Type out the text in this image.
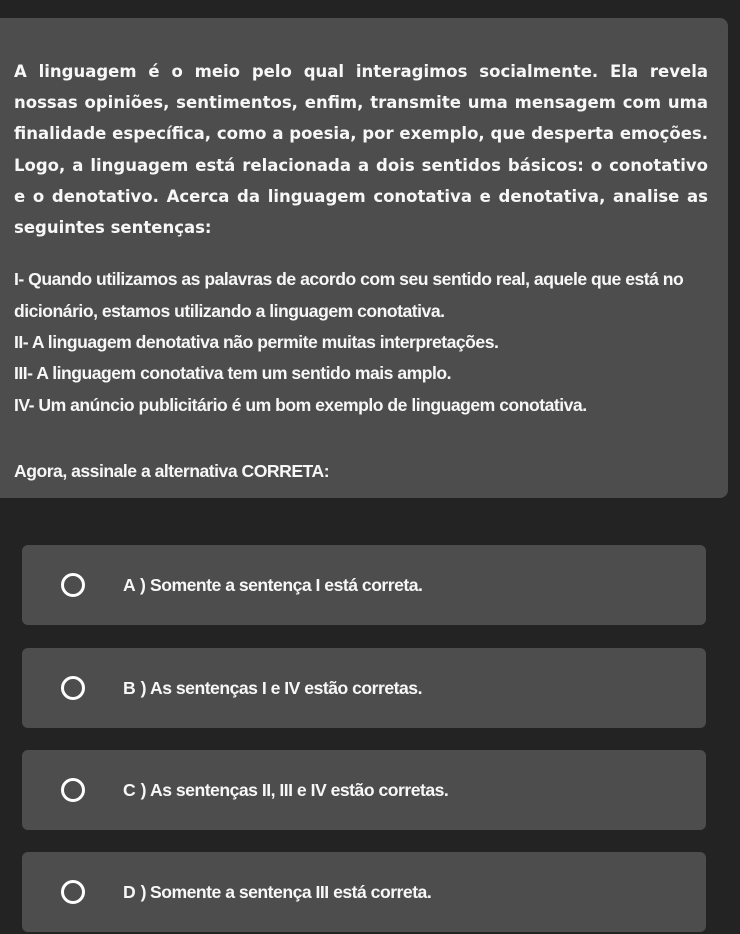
A linguagem é o meio pelo qual interagimos socialmente. Ela revela nossas opiniões, sentimentos, enfim, transmite uma mensagem com uma finalidade específica, como a poesia, por exemplo, que desperta emoções. Logo, a linguagem está relacionada a dois sentidos básicos: o conotativo e o denotativo. Acerca da linguagem conotativa e denotativa, analise as seguintes sentenças:

I- Quando utilizamos as palavras de acordo com seu sentido real, aquele que está no dicionário, estamos utilizando a linguagem conotativa.
II- A linguagem denotativa não permite muitas interpretações.
III- A linguagem conotativa tem um sentido mais amplo.
IV- Um anúncio publicitário é um bom exemplo de linguagem conotativa.

Agora, assinale a alternativa CORRETA:

A ) Somente a sentença I está correta.
B ) As sentenças I e IV estão corretas.
C ) As sentenças II, III e IV estão corretas.
D ) Somente a sentença III está correta.
